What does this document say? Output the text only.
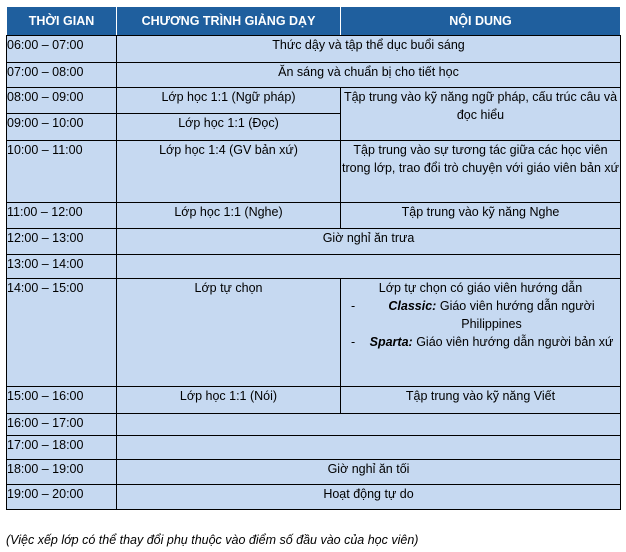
THỜI GIAN	CHƯƠNG TRÌNH GIẢNG DẠY	NỘI DUNG
06:00 – 07:00	Thức dậy và tập thể dục buổi sáng	
07:00 – 08:00	Ăn sáng và chuẩn bị cho tiết học	
08:00 – 09:00	Lớp học 1:1 (Ngữ pháp)	Tập trung vào kỹ năng ngữ pháp, cấu trúc câu và đọc hiểu
09:00 – 10:00	Lớp học 1:1 (Đọc)	
10:00 – 11:00	Lớp học 1:4 (GV bản xứ)	Tập trung vào sự tương tác giữa các học viên trong lớp, trao đổi trò chuyện với giáo viên bản xứ
11:00 – 12:00	Lớp học 1:1 (Nghe)	Tập trung vào kỹ năng Nghe
12:00 – 13:00	Giờ nghỉ ăn trưa	
13:00 – 14:00		
14:00 – 15:00	Lớp tự chọn	Lớp tự chọn có giáo viên hướng dẫn
- Classic: Giáo viên hướng dẫn người Philippines
- Sparta: Giáo viên hướng dẫn người bản xứ

15:00 – 16:00	Lớp học 1:1 (Nói)	Tập trung vào kỹ năng Viết
16:00 – 17:00		
17:00 – 18:00		
18:00 – 19:00	Giờ nghỉ ăn tối	
19:00 – 20:00	Hoạt động tự do	
(Việc xếp lớp có thể thay đổi phụ thuộc vào điểm số đầu vào của học viên)
